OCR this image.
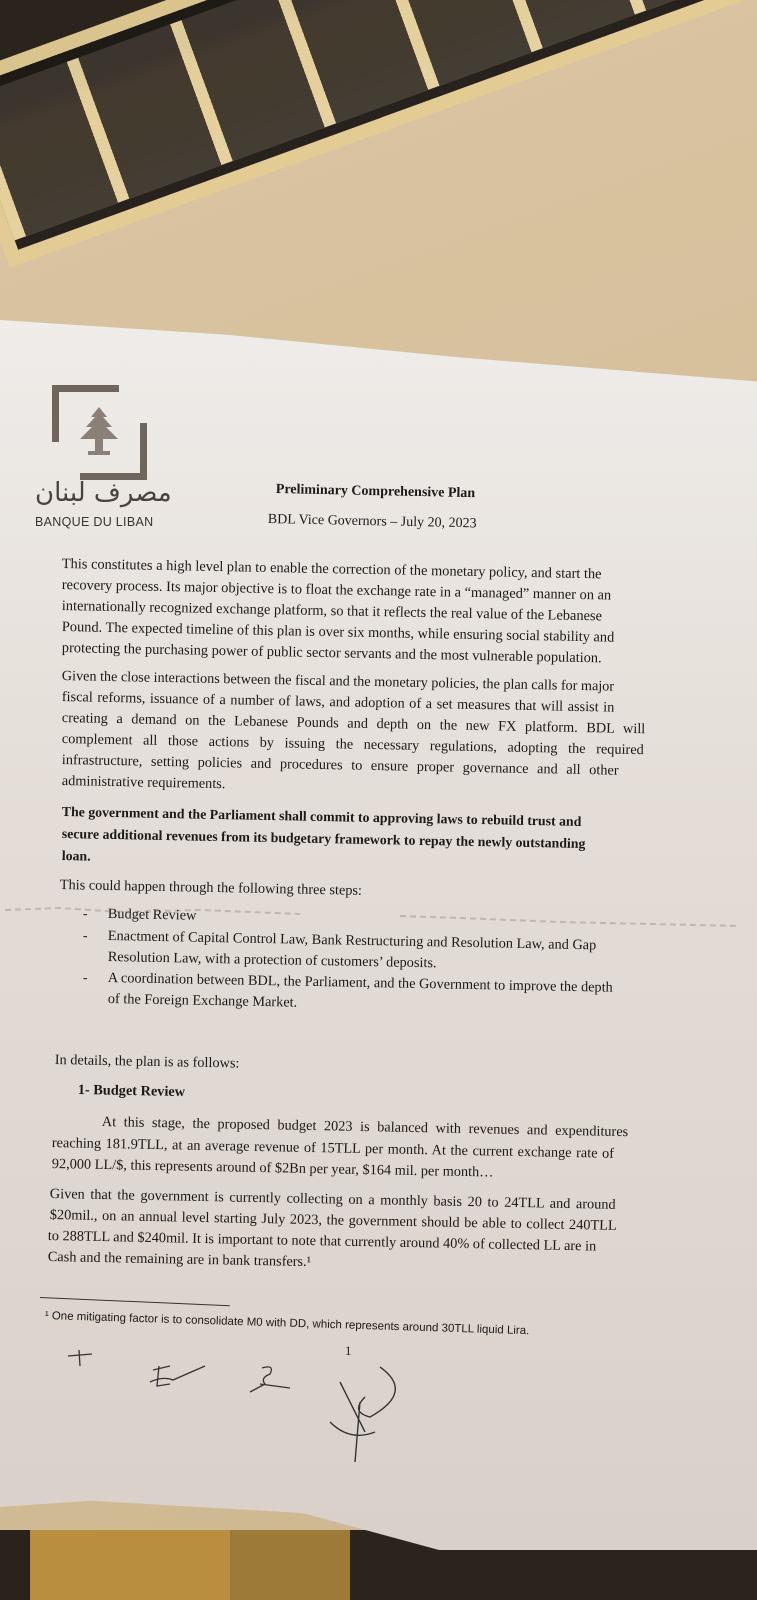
مصرف لبنان
BANQUE DU LIBAN
Preliminary Comprehensive Plan
BDL Vice Governors – July 20, 2023
This constitutes a high level plan to enable the correction of the monetary policy, and start the
recovery process. Its major objective is to float the exchange rate in a “managed” manner on an
internationally recognized exchange platform, so that it reflects the real value of the Lebanese
Pound. The expected timeline of this plan is over six months, while ensuring social stability and
protecting the purchasing power of public sector servants and the most vulnerable population.
Given the close interactions between the fiscal and the monetary policies, the plan calls for major
fiscal reforms, issuance of a number of laws, and adoption of a set measures that will assist in
creating a demand on the Lebanese Pounds and depth on the new FX platform. BDL will
complement all those actions by issuing the necessary regulations, adopting the required
infrastructure, setting policies and procedures to ensure proper governance and all other
administrative requirements.
The government and the Parliament shall commit to approving laws to rebuild trust and
secure additional revenues from its budgetary framework to repay the newly outstanding
loan.
This could happen through the following three steps:
- Budget Review
- Enactment of Capital Control Law, Bank Restructuring and Resolution Law, and Gap
Resolution Law, with a protection of customers’ deposits.
- A coordination between BDL, the Parliament, and the Government to improve the depth
of the Foreign Exchange Market.
In details, the plan is as follows:
1- Budget Review
At this stage, the proposed budget 2023 is balanced with revenues and expenditures
reaching 181.9TLL, at an average revenue of 15TLL per month. At the current exchange rate of
92,000 LL/$, this represents around of $2Bn per year, $164 mil. per month…
Given that the government is currently collecting on a monthly basis 20 to 24TLL and around
$20mil., on an annual level starting July 2023, the government should be able to collect 240TLL
to 288TLL and $240mil. It is important to note that currently around 40% of collected LL are in
Cash and the remaining are in bank transfers.¹
¹ One mitigating factor is to consolidate M0 with DD, which represents around 30TLL liquid Lira.
1
